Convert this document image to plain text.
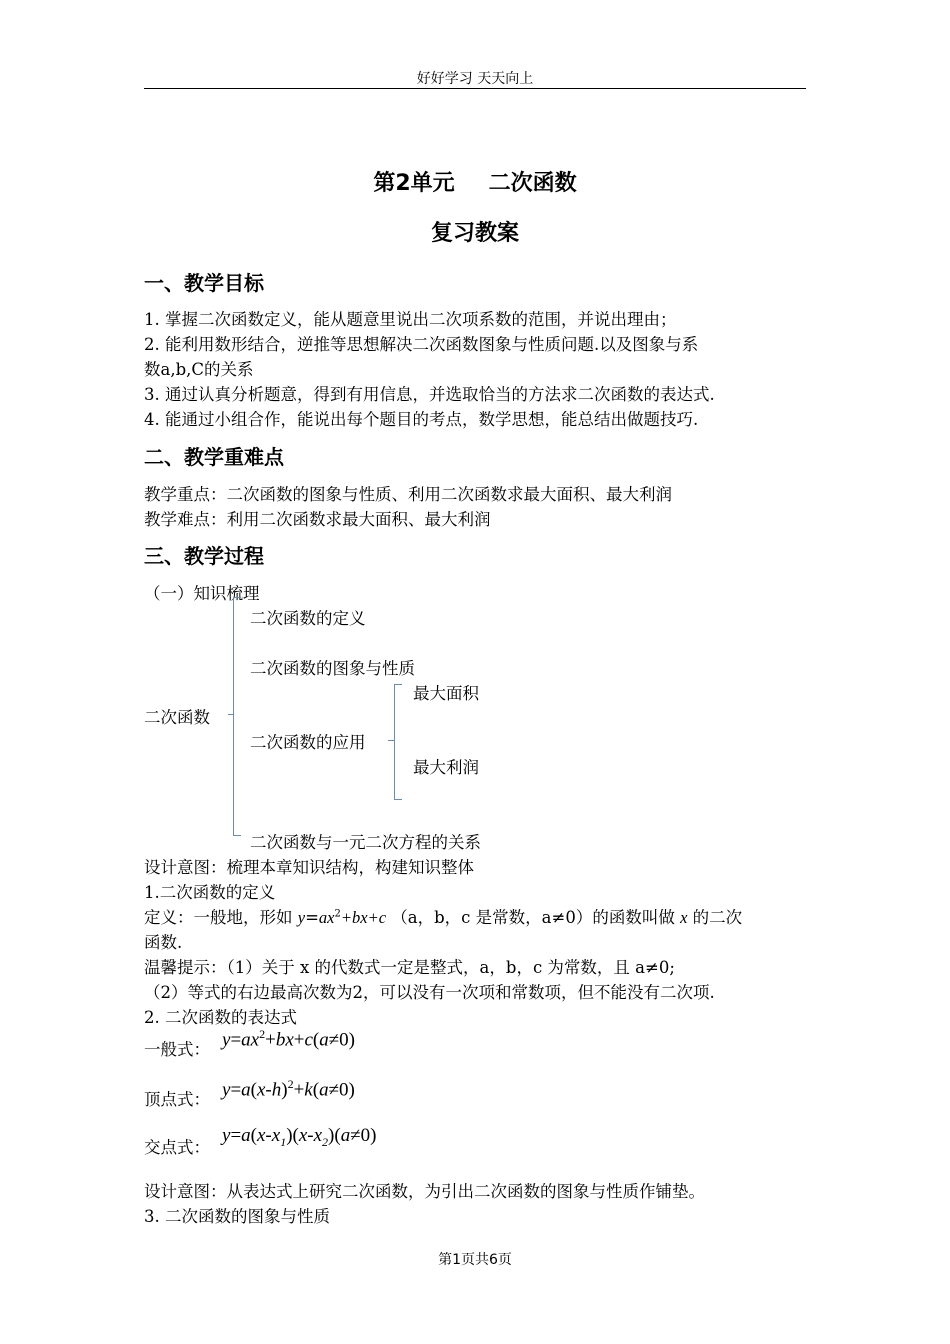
好好学习 天天向上
第2单元 二次函数
复习教案
一、教学目标
1. 掌握二次函数定义，能从题意里说出二次项系数的范围，并说出理由；
2. 能利用数形结合，逆推等思想解决二次函数图象与性质问题.以及图象与系
数a,b,C的关系
3. 通过认真分析题意，得到有用信息，并选取恰当的方法求二次函数的表达式.
4. 能通过小组合作，能说出每个题目的考点，数学思想，能总结出做题技巧.
二、教学重难点
教学重点：二次函数的图象与性质、利用二次函数求最大面积、最大利润
教学难点：利用二次函数求最大面积、最大利润
三、教学过程
（一）知识梳理
二次函数
二次函数的定义
二次函数的图象与性质
二次函数的应用
最大面积
最大利润
二次函数与一元二次方程的关系
设计意图：梳理本章知识结构，构建知识整体
1.二次函数的定义
定义：一般地，形如 $y=ax^2+bx+c$ （a，b，c 是常数，a≠0）的函数叫做 x 的二次
函数.
温馨提示：（1）关于 x 的代数式一定是整式，a，b，c 为常数，且 a≠0;
（2）等式的右边最高次数为2，可以没有一次项和常数项，但不能没有二次项.
2. 二次函数的表达式
一般式： $y=ax^2+bx+c(a\ne 0)$
顶点式： $y=a(x-h)^2+k(a\ne 0)$
交点式：
$y=a(x-x_1)(x-x_2)(a\ne 0)$
设计意图：从表达式上研究二次函数，为引出二次函数的图象与性质作铺垫。
3. 二次函数的图象与性质
第1页共6页
